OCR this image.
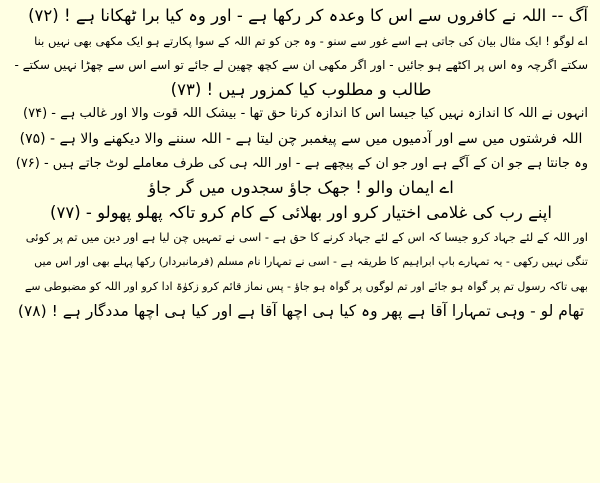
آگ -- اللہ نے کافروں سے اس کا وعدہ کر رکھا ہے - اور وہ کیا برا ٹھکانا ہے ! (۷۲)
اے لوگو ! ایک مثال بیان کی جاتی ہے اسے غور سے سنو - وہ جن کو تم اللہ کے سوا پکارتے ہو ایک مکھی بھی نہیں بنا
سکتے اگرچہ وہ اس پر اکٹھے ہو جائیں - اور اگر مکھی ان سے کچھ چھین لے جائے تو اسے اس سے چھڑا نہیں سکتے -
طالب و مطلوب کیا کمزور ہیں ! (۷۳)
انہوں نے اللہ کا اندازہ نہیں کیا جیسا اس کا اندازہ کرنا حق تھا - بیشک اللہ قوت والا اور غالب ہے - (۷۴)
اللہ فرشتوں میں سے اور آدمیوں میں سے پیغمبر چن لیتا ہے - اللہ سننے والا دیکھنے والا ہے - (۷۵)
وہ جانتا ہے جو ان کے آگے ہے اور جو ان کے پیچھے ہے - اور اللہ ہی کی طرف معاملے لوٹ جاتے ہیں - (۷۶)
اے ایمان والو ! جھک جاؤ سجدوں میں گر جاؤ
اپنے رب کی غلامی اختیار کرو اور بھلائی کے کام کرو تاکہ پھلو پھولو - (۷۷)
اور اللہ کے لئے جہاد کرو جیسا کہ اس کے لئے جہاد کرنے کا حق ہے - اسی نے تمہیں چن لیا ہے اور دین میں تم پر کوئی
تنگی نہیں رکھی - یہ تمہارے باپ ابراہیم کا طریقہ ہے - اسی نے تمہارا نام مسلم (فرمانبردار) رکھا پہلے بھی اور اس میں
بھی تاکہ رسول تم پر گواہ ہو جائے اور تم لوگوں پر گواہ ہو جاؤ - پس نماز قائم کرو زکوٰۃ ادا کرو اور اللہ کو مضبوطی سے
تھام لو - وہی تمہارا آقا ہے پھر وہ کیا ہی اچھا آقا ہے اور کیا ہی اچھا مددگار ہے ! (۷۸)
